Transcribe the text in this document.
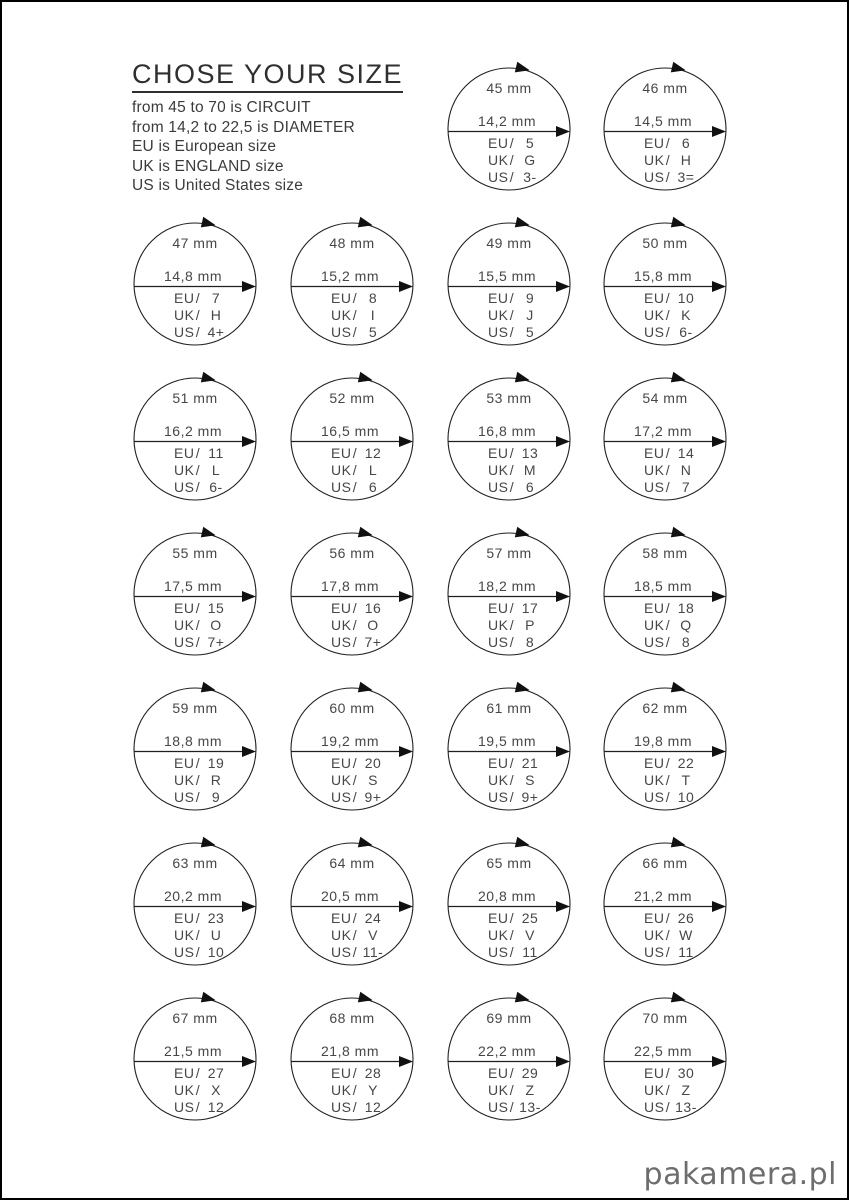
CHOSE YOUR SIZE
from 45 to 70 is CIRCUIT
from 14,2 to 22,5 is DIAMETER
EU is European size
UK is ENGLAND size
US is United States size
45 mm
14,2 mm
EU / 5
UK / G
US / 3-
46 mm
14,5 mm
EU / 6
UK / H
US / 3=
47 mm
14,8 mm
EU / 7
UK / H
US / 4+
48 mm
15,2 mm
EU / 8
UK / I
US / 5
49 mm
15,5 mm
EU / 9
UK / J
US / 5
50 mm
15,8 mm
EU / 10
UK / K
US / 6-
51 mm
16,2 mm
EU / 11
UK / L
US / 6-
52 mm
16,5 mm
EU / 12
UK / L
US / 6
53 mm
16,8 mm
EU / 13
UK / M
US / 6
54 mm
17,2 mm
EU / 14
UK / N
US / 7
55 mm
17,5 mm
EU / 15
UK / O
US / 7+
56 mm
17,8 mm
EU / 16
UK / O
US / 7+
57 mm
18,2 mm
EU / 17
UK / P
US / 8
58 mm
18,5 mm
EU / 18
UK / Q
US / 8
59 mm
18,8 mm
EU / 19
UK / R
US / 9
60 mm
19,2 mm
EU / 20
UK / S
US / 9+
61 mm
19,5 mm
EU / 21
UK / S
US / 9+
62 mm
19,8 mm
EU / 22
UK / T
US / 10
63 mm
20,2 mm
EU / 23
UK / U
US / 10
64 mm
20,5 mm
EU / 24
UK / V
US / 11-
65 mm
20,8 mm
EU / 25
UK / V
US / 11
66 mm
21,2 mm
EU / 26
UK / W
US / 11
67 mm
21,5 mm
EU / 27
UK / X
US / 12
68 mm
21,8 mm
EU / 28
UK / Y
US / 12
69 mm
22,2 mm
EU / 29
UK / Z
US / 13-
70 mm
22,5 mm
EU / 30
UK / Z
US / 13-
pakamera.pl
